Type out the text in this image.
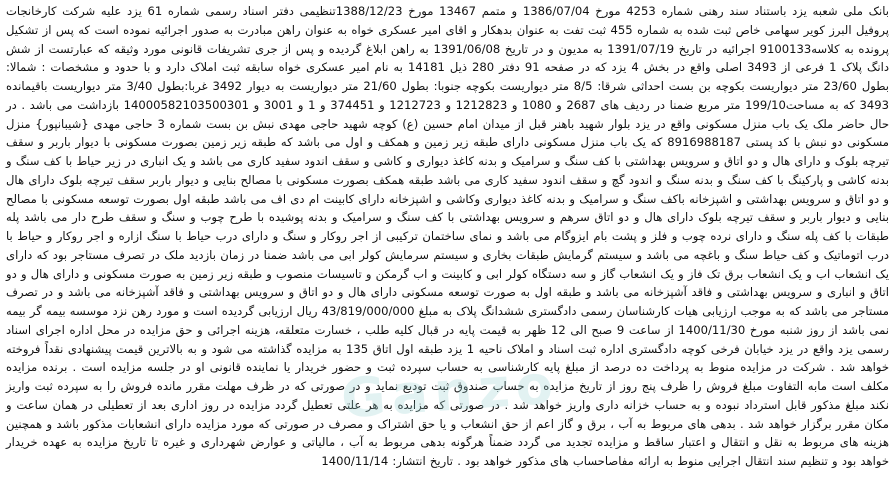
بانک ملی شعبه یزد باستناد سند رهنی شماره 4253 مورخ 1386/07/04 و متمم 13467 مورخ 1388/12/23تنظیمی دفتر اسناد رسمی شماره 61 یزد علیه شرکت کارخانجات پروفیل البرز کویر سهامی خاص ثبت شده به شماره 455 ثبت تفت به عنوان بدهکار و اقای امیر عسکری خواه به عنوان راهن مبادرت به صدور اجرائیه نموده است که پس از تشکیل پرونده به کلاسه9100133 اجرائیه در تاریخ 1391/07/19 به مدیون و در تاریخ 1391/06/08 به راهن ابلاغ گردیده و پس از جری تشریفات قانونی مورد وثیقه که عبارتست از شش دانگ پلاک 1 فرعی از 3493 اصلی واقع در بخش 4 یزد که در صفحه 91 دفتر 280 ذیل 14181 به نام امیر عسکری خواه سابقه ثبت املاک دارد و با حدود و مشخصات : شمالا: بطول 23/60 متر دیواریست بکوچه بن بست احداثی شرقا: 8/5 متر دیواریست بکوچه جنوبا: بطول 21/60 متر دیواریست به دیوار 3492 غربا:بطول 3/40 متر دیواریست باقیمانده 3493 که به مساحت199/10 متر مربع ضمنا در ردیف های 2687 و 1080 و 1212823 و 1212723 و 374451 و 1 و 3001 و 14000582103500301 بازداشت می باشد . در حال حاضر ملک یک باب منزل مسکونی واقع در یزد بلوار شهید باهنر قبل از میدان امام حسین (ع) کوچه شهید حاجی مهدی نبش بن بست شماره 3 حاجی مهدی {شیبانپور} منزل مسکونی دو نبش با کد پستی 8916988187 که یک باب منزل مسکونی دارای طبقه زیر زمین و همکف و اول می باشد که طبقه زیر زمین بصورت مسکونی با دیوار باربر و سقف تیرچه بلوک و دارای هال و دو اتاق و سرویس بهداشتی با کف سنگ و سرامیک و بدنه کاغذ دیواری و کاشی و سقف اندود سفید کاری می باشد و یک انباری در زیر حیاط با کف سنگ و بدنه کاشی و پارکینگ با کف سنگ و بدنه سنگ و اندود گچ و سقف اندود سفید کاری می باشد طبقه همکف بصورت مسکونی با مصالح بنایی و دیوار باربر سقف تیرچه بلوک دارای هال و دو اتاق و سرویس بهداشتی و اشپزخانه باکف سنگ و سرامیک و بدنه کاغذ دیواری وکاشی و اشپزخانه دارای کابینت ام دی اف می باشد طبقه اول بصورت توسعه مسکونی با مصالح بنایی و دیوار باربر و سقف تیرچه بلوک دارای هال و دو اتاق سرهم و سرویس بهداشتی با کف سنگ و سرامیک و بدنه پوشیده با طرح چوب و سنگ و سقف طرح دار می باشد پله طبقات با کف پله سنگ و دارای نرده چوب و فلز و پشت بام ایزوگام می باشد و نمای ساختمان ترکیبی از اجر روکار و سنگ و دارای درب حیاط با سنگ ازاره و اجر روکار و حیاط با درب اتوماتیک و کف حیاط سنگ و باغچه می باشد و سیستم گرمایش طبقات بخاری و سیستم سرمایش کولر ابی می باشد ضمنا در زمان بازدید ملک در تصرف مستاجر بود که دارای یک انشعاب اب و یک انشعاب برق تک فاز و یک انشعاب گاز و سه دستگاه کولر ابی و کابینت و اب گرمکن و تاسیسات منصوب و طبقه زیر زمین به صورت مسکونی و دارای هال و دو اتاق و انباری و سرویس بهداشتی و فاقد آشپزخانه می باشد و طبقه اول به صورت توسعه مسکونی دارای هال و دو اتاق و سرویس بهداشتی و فاقد آشپزخانه می باشد و در تصرف مستاجر می باشد که به موجب ارزیابی هیات کارشناسان رسمی دادگستری ششدانگ پلاک به مبلغ 43/819/000/000 ریال ارزیابی گردیده است و مورد رهن نزد موسسه بیمه گر بیمه نمی باشد از روز شنبه مورخ 1400/11/30 از ساعت 9 صبح الی 12 ظهر به قیمت پایه در قبال کلیه طلب ، خسارت متعلقه، هزینه اجرائی و حق مزایده در محل اداره اجرای اسناد رسمی یزد واقع در یزد خیابان فرخی کوچه دادگستری اداره ثبت اسناد و املاک ناحیه 1 یزد طبقه اول اتاق 135 به مزایده گذاشته می شود و به بالاترین قیمت پیشنهادی نقداً فروخته خواهد شد . شرکت در مزایده منوط به پرداخت ده درصد از مبلغ پایه کارشناسی به حساب سپرده ثبت و حضور خریدار یا نماینده قانونی او در جلسه مزایده است . برنده مزایده مکلف است مابه التفاوت مبلغ فروش را ظرف پنج روز از تاریخ مزایده به حساب صندوق ثبت تودیع نماید و در صورتی که در ظرف مهلت مقرر مانده فروش را به سپرده ثبت واریز نکند مبلغ مذکور قابل استرداد نبوده و به حساب خزانه داری واریز خواهد شد . در صورتی که مزایده به هر علتی تعطیل گردد مزایده در روز اداری بعد از تعطیلی در همان ساعت و مکان مقرر برگزار خواهد شد . بدهی های مربوط به آب ، برق و گاز اعم از حق انشعاب و یا حق اشتراک و مصرف در صورتی که مورد مزایده دارای انشعابات مذکور باشد و همچنین هزینه های مربوط به نقل و انتقال و اعتبار ساقط و مزایده تجدید می گردد ضمناً هرگونه بدهی مربوط به آب ، مالیاتی و عوارض شهرداری و غیره تا تاریخ مزایده به عهده خریدار خواهد بود و تنظیم سند انتقال اجرایی منوط به ارائه مفاصاحساب های مذکور خواهد بود . تاریخ انتشار: 1400/11/14
Ganzo
